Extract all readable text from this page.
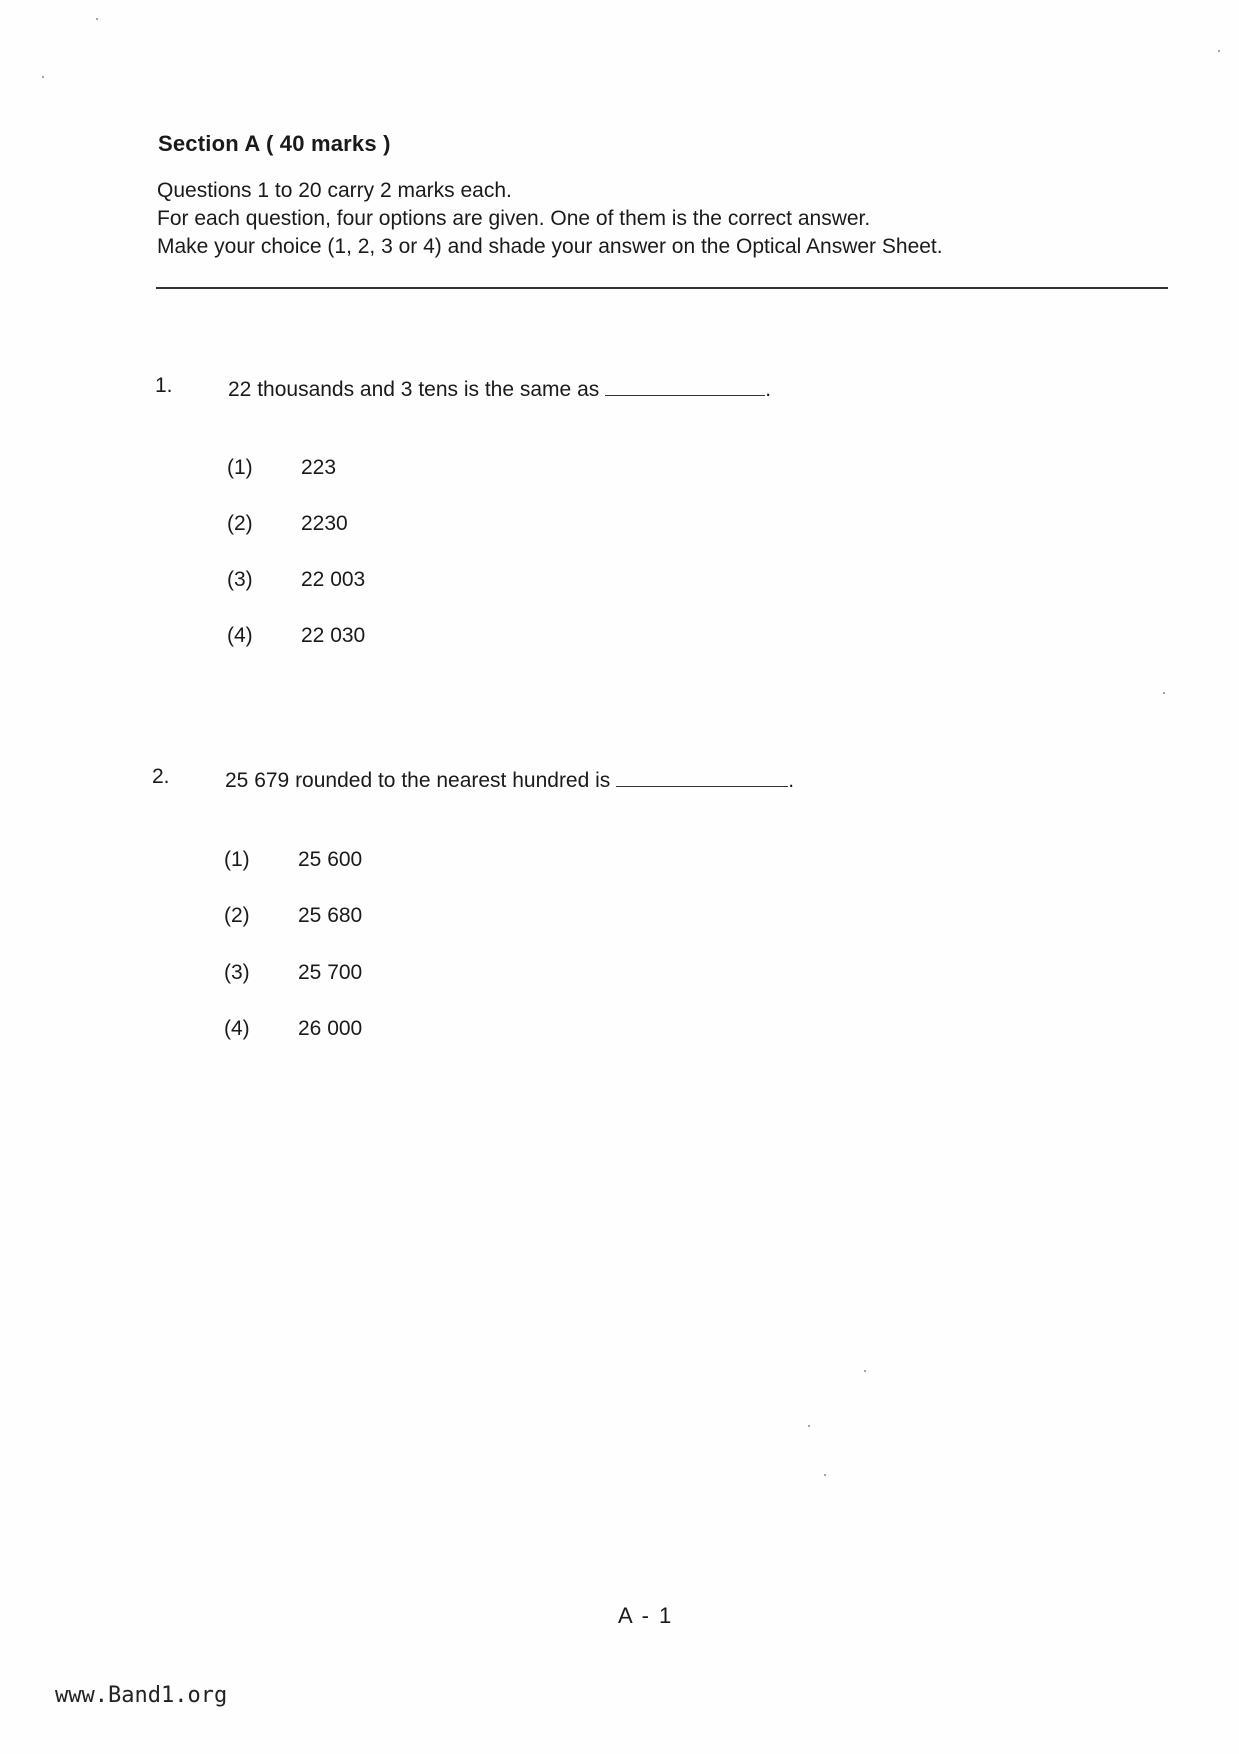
Section A ( 40 marks )
Questions 1 to 20 carry 2 marks each.
For each question, four options are given. One of them is the correct answer.
Make your choice (1, 2, 3 or 4) and shade your answer on the Optical Answer Sheet.
1.	22 thousands and 3 tens is the same as	.
(1) 223
(2) 2230
(3) 22 003
(4) 22 030
2.	25 679 rounded to the nearest hundred is	.
(1) 25 600
(2) 25 680
(3) 25 700
(4) 26 000
A - 1
www.Band1.org
